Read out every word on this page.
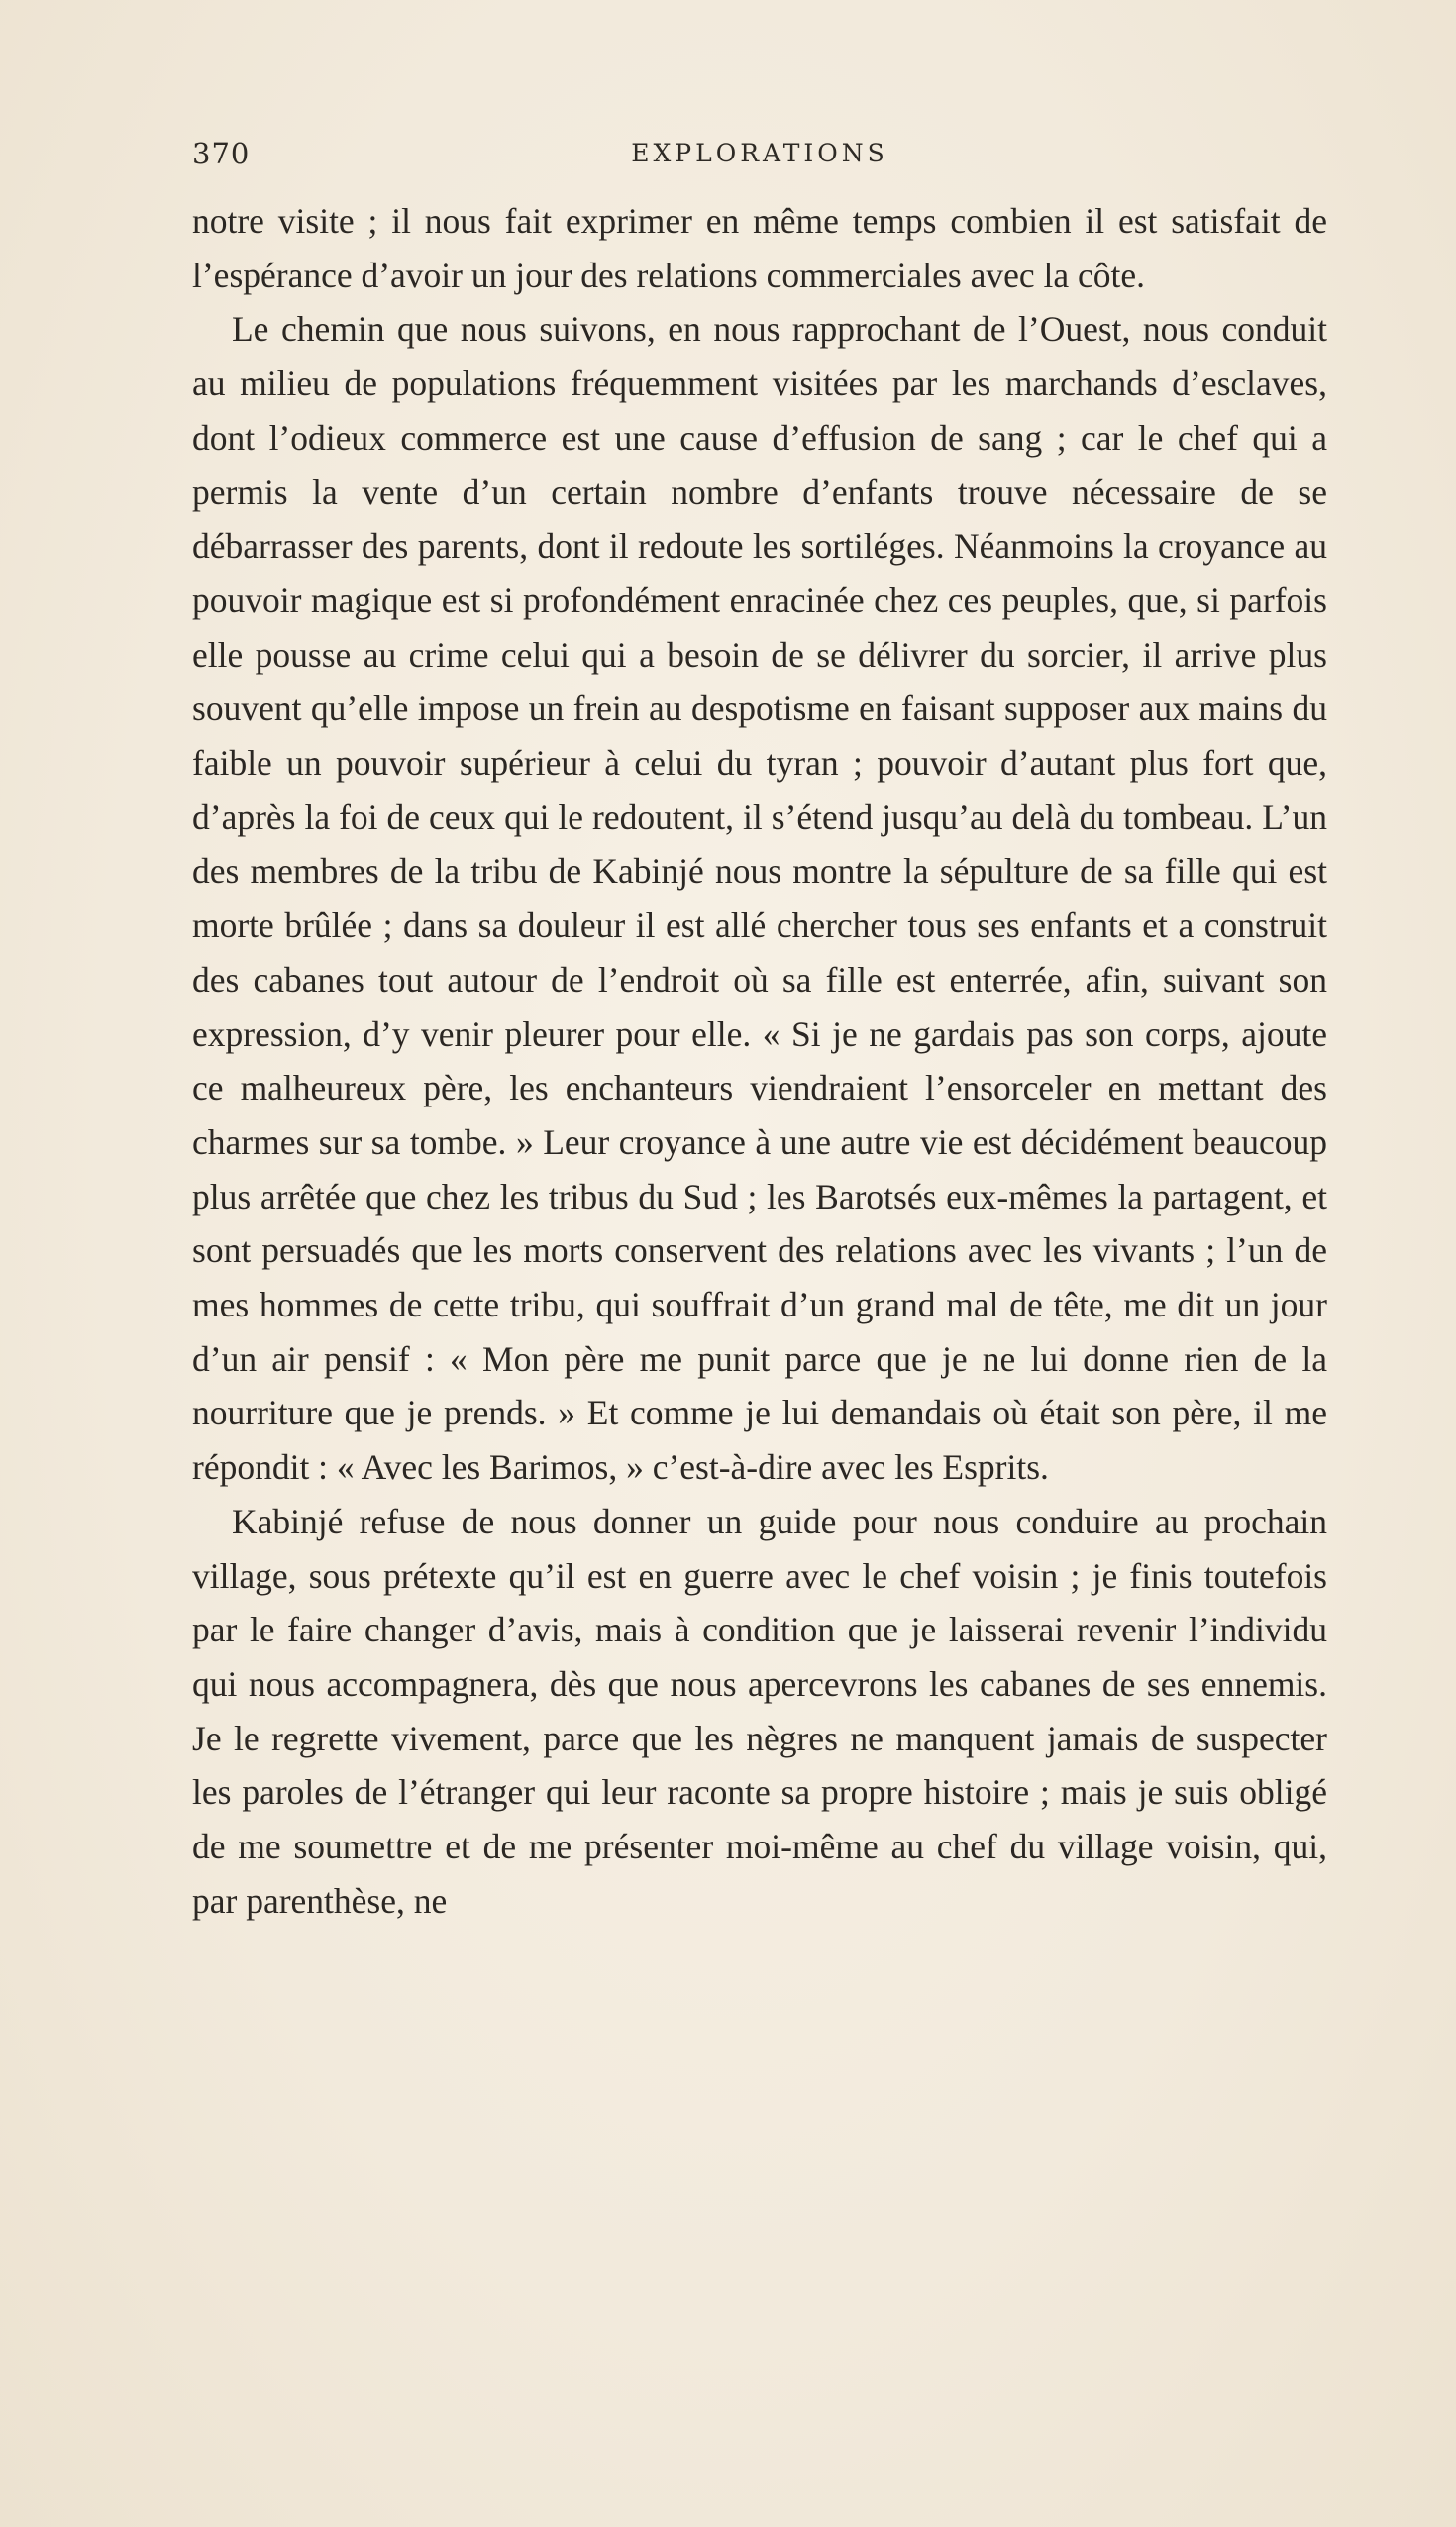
370	EXPLORATIONS

notre visite ; il nous fait exprimer en même temps combien il est satisfait de l’espérance d’avoir un jour des relations commerciales avec la côte.

Le chemin que nous suivons, en nous rapprochant de l’Ouest, nous conduit au milieu de populations fréquemment visitées par les marchands d’esclaves, dont l’odieux commerce est une cause d’effusion de sang ; car le chef qui a permis la vente d’un certain nombre d’enfants trouve nécessaire de se débarrasser des parents, dont il redoute les sortiléges. Néanmoins la croyance au pouvoir magique est si profondément enracinée chez ces peuples, que, si parfois elle pousse au crime celui qui a besoin de se délivrer du sorcier, il arrive plus souvent qu’elle impose un frein au despotisme en faisant supposer aux mains du faible un pouvoir supérieur à celui du tyran ; pouvoir d’autant plus fort que, d’après la foi de ceux qui le redoutent, il s’étend jusqu’au delà du tombeau. L’un des membres de la tribu de Kabinjé nous montre la sépulture de sa fille qui est morte brûlée ; dans sa douleur il est allé chercher tous ses enfants et a construit des cabanes tout autour de l’endroit où sa fille est enterrée, afin, suivant son expression, d’y venir pleurer pour elle. « Si je ne gardais pas son corps, ajoute ce malheureux père, les enchanteurs viendraient l’ensorceler en mettant des charmes sur sa tombe. » Leur croyance à une autre vie est décidément beaucoup plus arrêtée que chez les tribus du Sud ; les Barotsés eux-mêmes la partagent, et sont persuadés que les morts conservent des relations avec les vivants ; l’un de mes hommes de cette tribu, qui souffrait d’un grand mal de tête, me dit un jour d’un air pensif : « Mon père me punit parce que je ne lui donne rien de la nourriture que je prends. » Et comme je lui demandais où était son père, il me répondit : « Avec les Barimos, » c’est-à-dire avec les Esprits.

Kabinjé refuse de nous donner un guide pour nous conduire au prochain village, sous prétexte qu’il est en guerre avec le chef voisin ; je finis toutefois par le faire changer d’avis, mais à condition que je laisserai revenir l’individu qui nous accompagnera, dès que nous apercevrons les cabanes de ses ennemis. Je le regrette vivement, parce que les nègres ne manquent jamais de suspecter les paroles de l’étranger qui leur raconte sa propre histoire ; mais je suis obligé de me soumettre et de me présenter moi-même au chef du village voisin, qui, par parenthèse, ne
